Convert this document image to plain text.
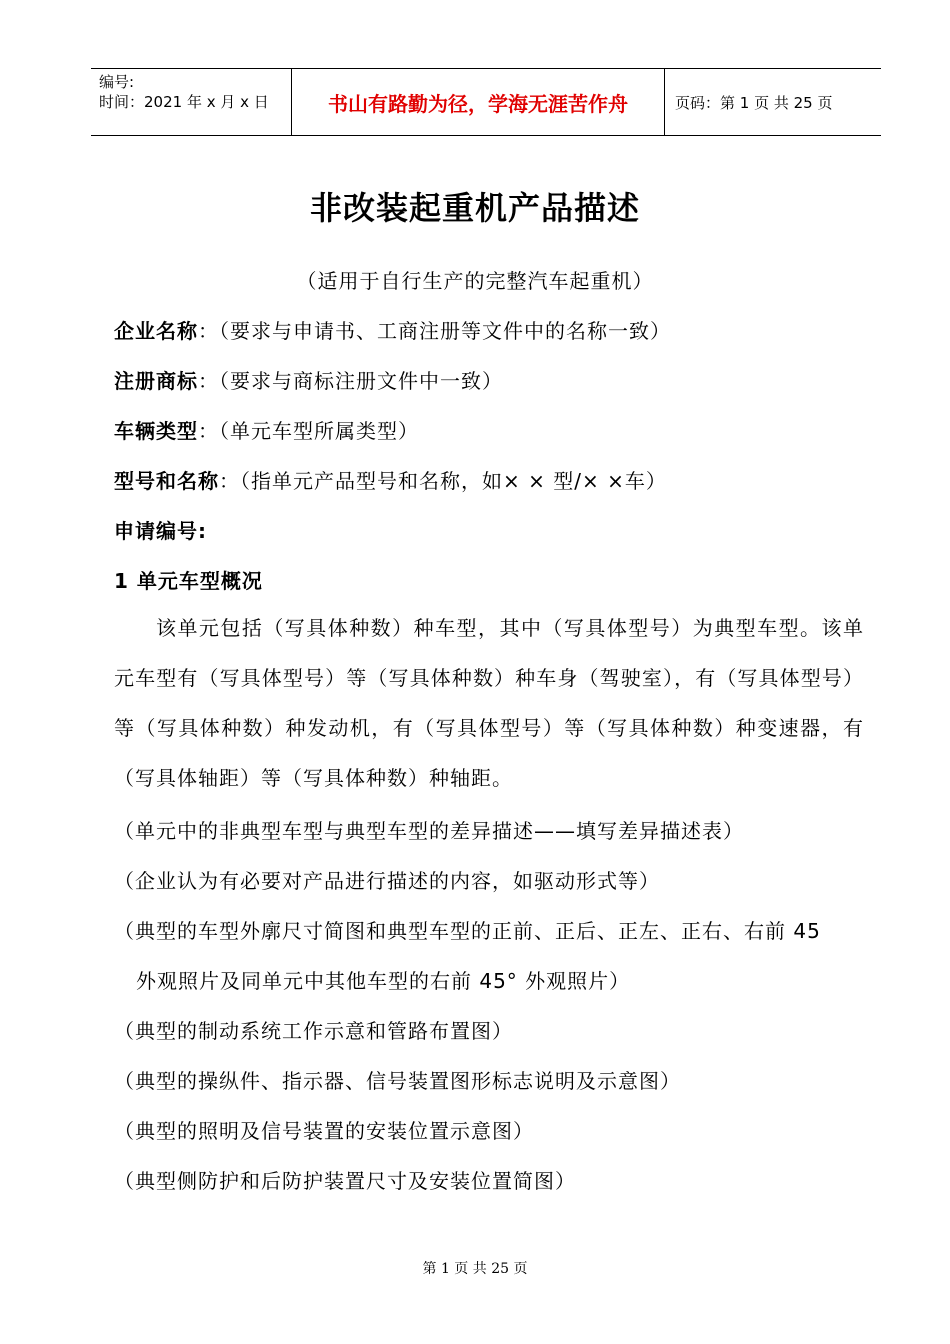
编号:
时间：2021 年 x 月 x 日	书山有路勤为径，学海无涯苦作舟	页码：第 1 页 共 25 页
非改装起重机产品描述
（适用于自行生产的完整汽车起重机）
企业名称：（要求与申请书、工商注册等文件中的名称一致）
注册商标：（要求与商标注册文件中一致）
车辆类型：（单元车型所属类型）
型号和名称：（指单元产品型号和名称，如× × 型/× ×车）
申请编号:
1 单元车型概况
该单元包括（写具体种数）种车型，其中（写具体型号）为典型车型。该单元车型有（写具体型号）等（写具体种数）种车身（驾驶室），有（写具体型号）等（写具体种数）种发动机，有（写具体型号）等（写具体种数）种变速器，有（写具体轴距）等（写具体种数）种轴距。
（单元中的非典型车型与典型车型的差异描述——填写差异描述表）
（企业认为有必要对产品进行描述的内容，如驱动形式等）
（典型的车型外廓尺寸简图和典型车型的正前、正后、正左、正右、右前 45
外观照片及同单元中其他车型的右前 45° 外观照片）
（典型的制动系统工作示意和管路布置图）
（典型的操纵件、指示器、信号装置图形标志说明及示意图）
（典型的照明及信号装置的安装位置示意图）
（典型侧防护和后防护装置尺寸及安装位置简图）
第 1 页 共 25 页
